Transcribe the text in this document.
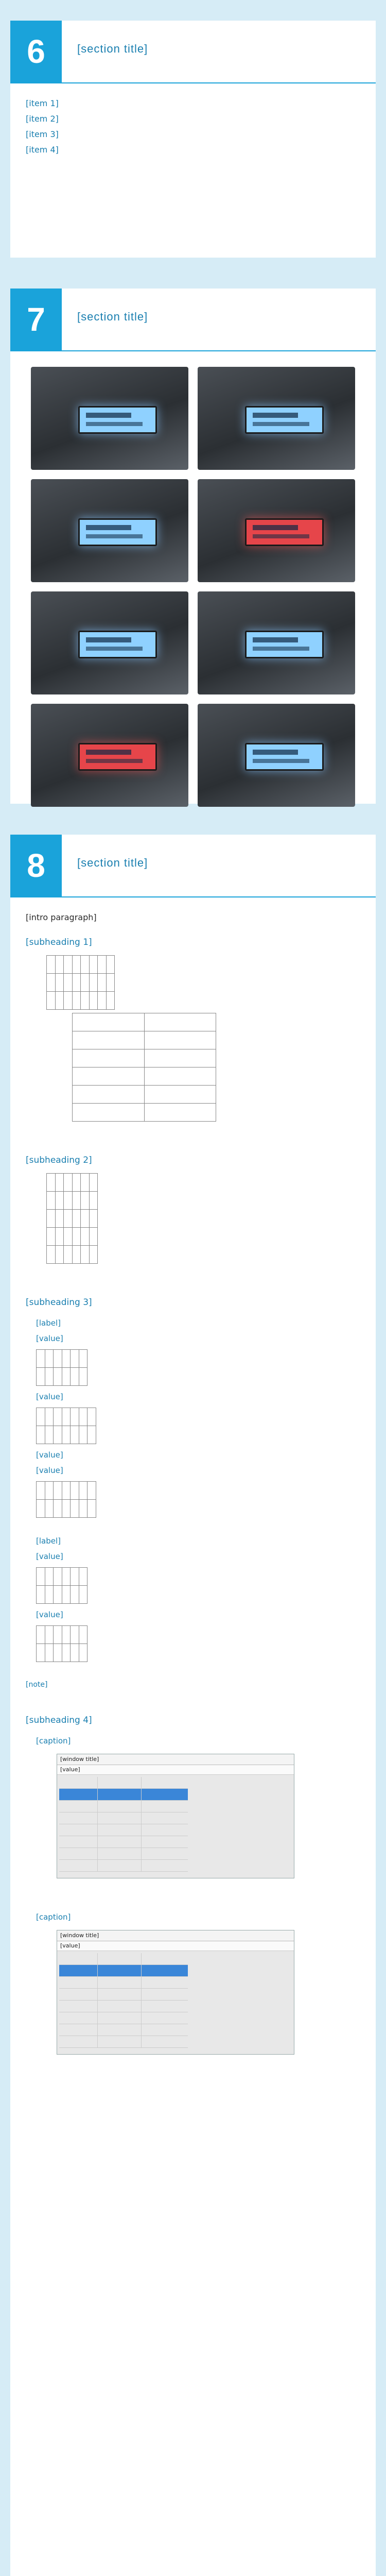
6	[section title]
[item 1]
[item 2]
[item 3]
[item 4]
7	[section title]
8	[section title]
[intro paragraph]
[subheading 1]

[subheading 2]

[subheading 3]
[label]
[value]

[value]

[value]
[value]

[label]
[value]

[value]

[note]
[subheading 4]
[caption]
[window title]
[value]

[caption]
[window title]
[value]
